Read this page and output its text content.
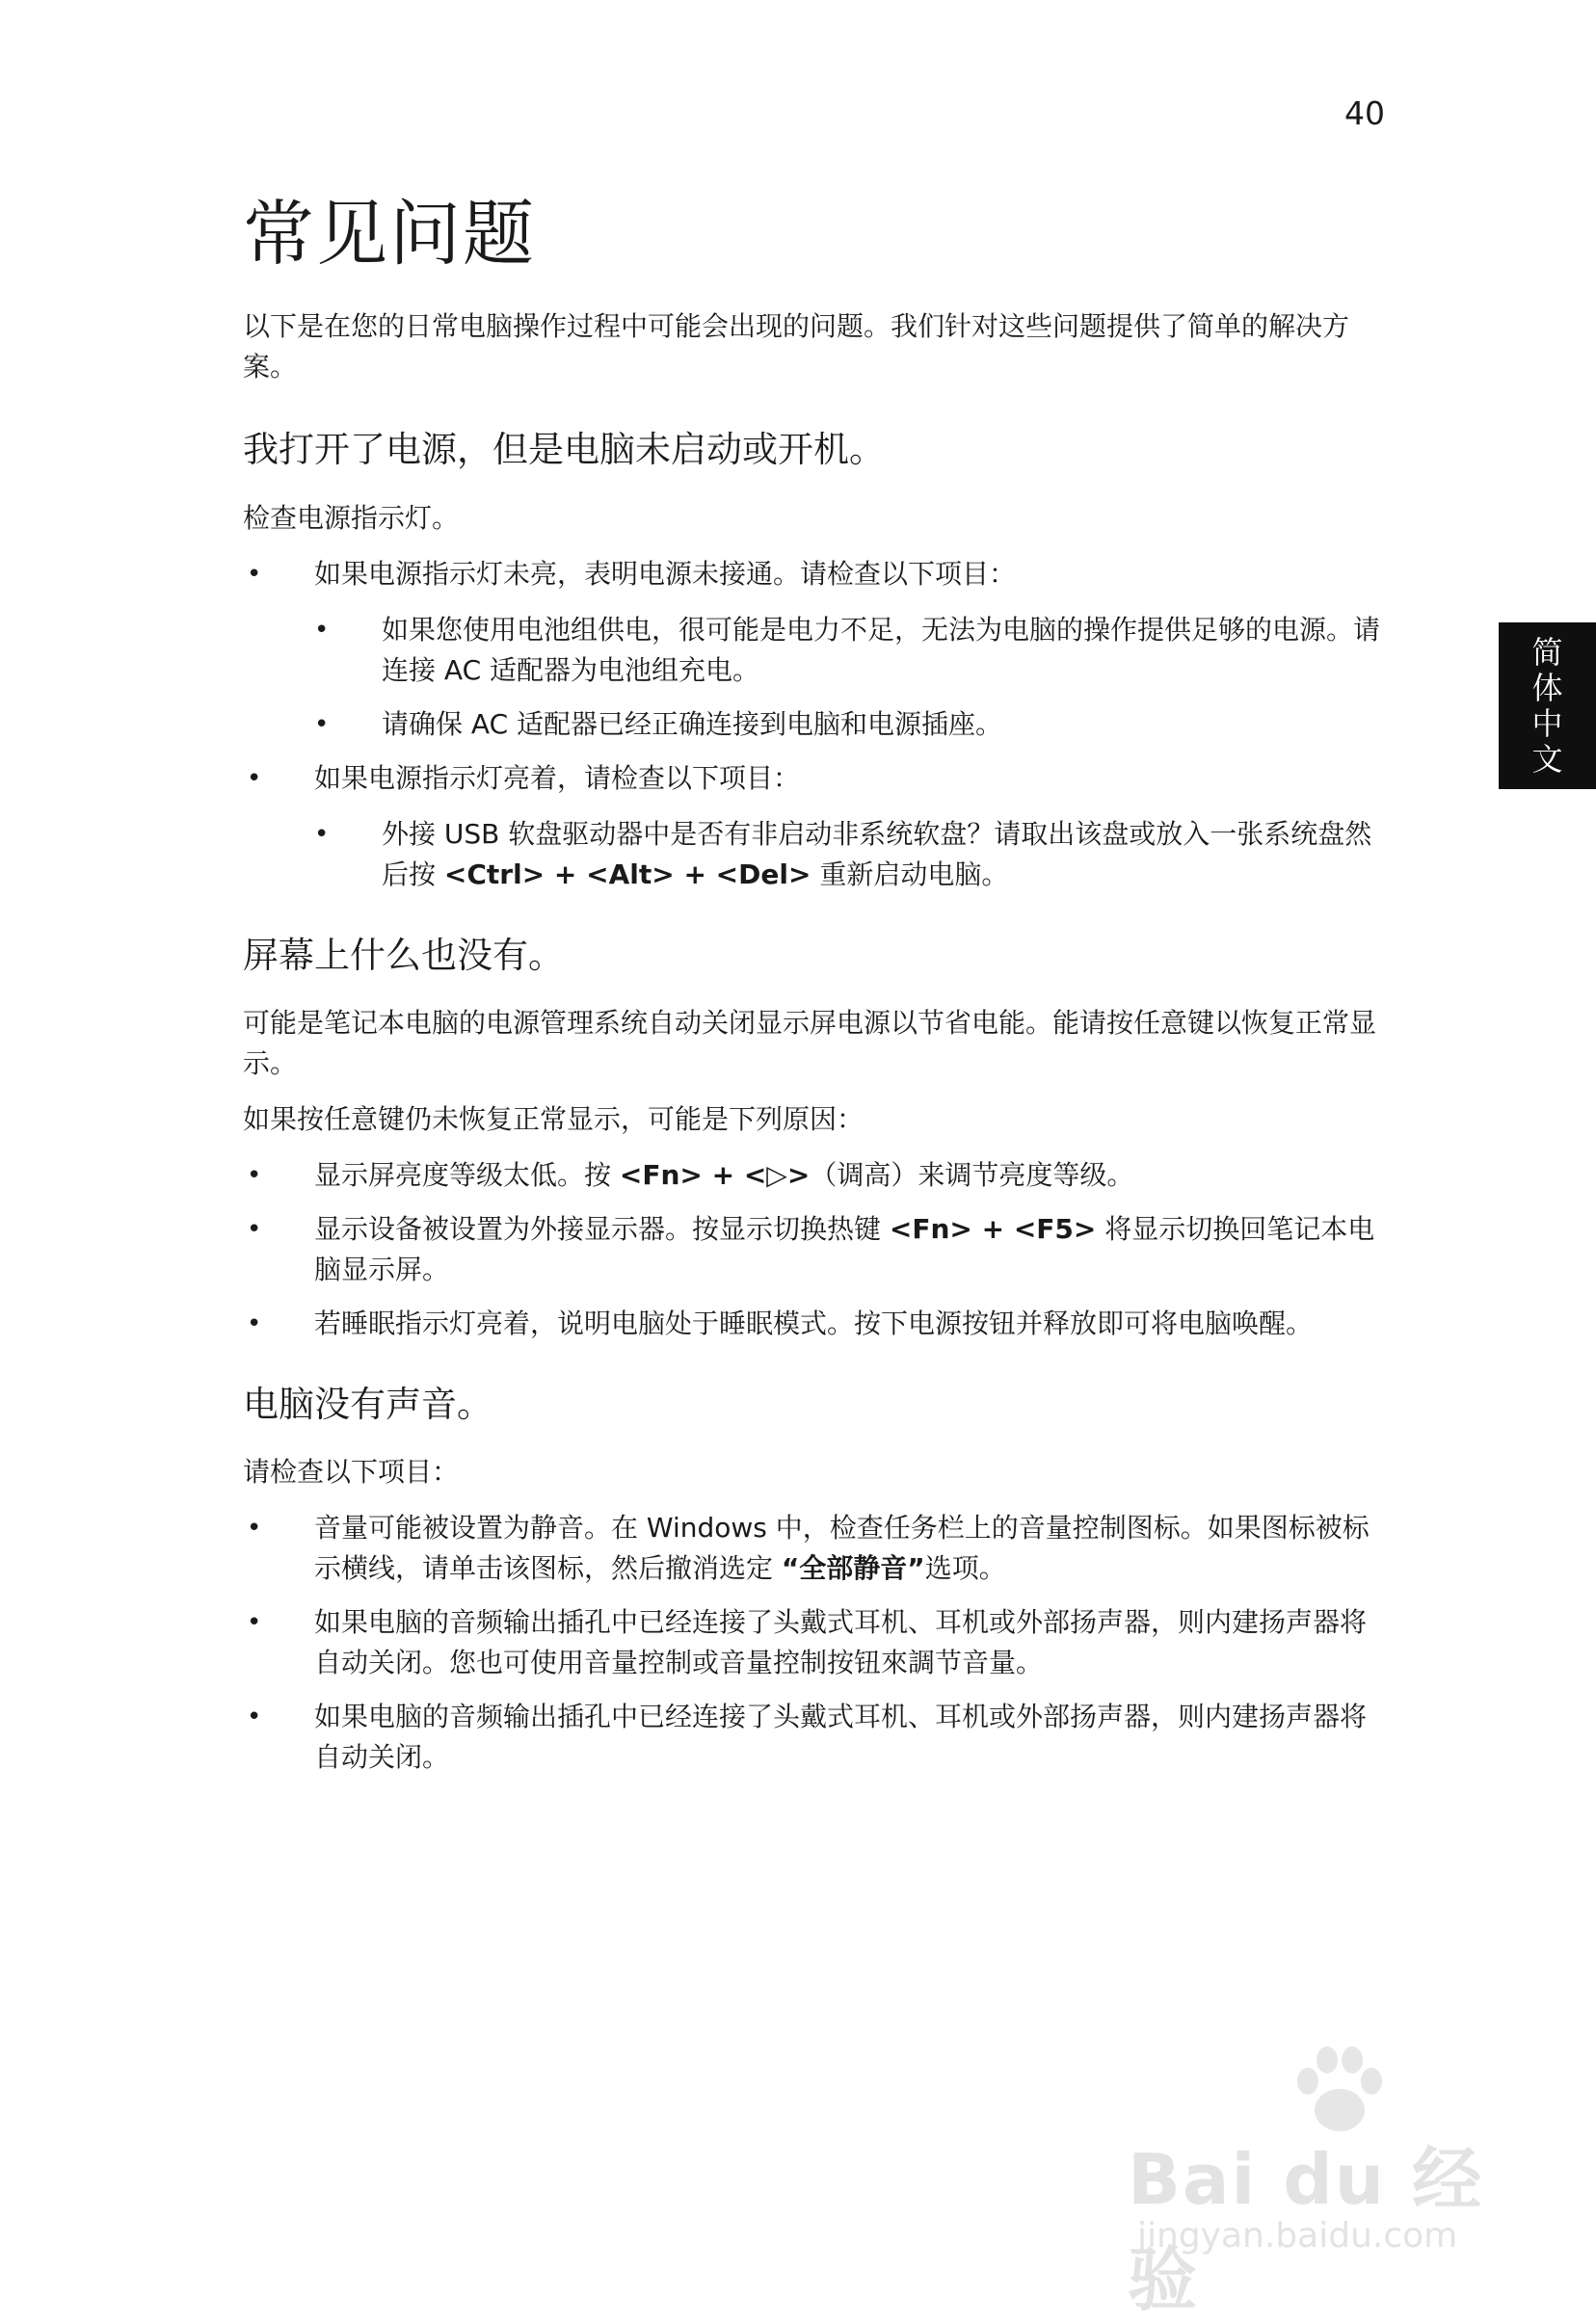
40
简
体
中
文
常见问题

以下是在您的日常电脑操作过程中可能会出现的问题。我们针对这些问题提供了简单的解决方案。

我打开了电源，但是电脑未启动或开机。

检查电源指示灯。

• 如果电源指示灯未亮，表明电源未接通。请检查以下项目：
• 如果您使用电池组供电，很可能是电力不足，无法为电脑的操作提供足够的电源。请连接 AC 适配器为电池组充电。
• 请确保 AC 适配器已经正确连接到电脑和电源插座。
• 如果电源指示灯亮着，请检查以下项目：
• 外接 USB 软盘驱动器中是否有非启动非系统软盘？请取出该盘或放入一张系统盘然后按 <Ctrl> + <Alt> + <Del> 重新启动电脑。
屏幕上什么也没有。

可能是笔记本电脑的电源管理系统自动关闭显示屏电源以节省电能。能请按任意键以恢复正常显示。

如果按任意键仍未恢复正常显示，可能是下列原因：

• 显示屏亮度等级太低。按 <Fn> + <▷>（调高）来调节亮度等级。
• 显示设备被设置为外接显示器。按显示切换热键 <Fn> + <F5> 将显示切换回笔记本电脑显示屏。
• 若睡眠指示灯亮着，说明电脑处于睡眠模式。按下电源按钮并释放即可将电脑唤醒。
电脑没有声音。

请检查以下项目：

• 音量可能被设置为静音。在 Windows 中，检查任务栏上的音量控制图标。如果图标被标示横线，请单击该图标，然后撤消选定 “全部静音”选项。
• 如果电脑的音频输出插孔中已经连接了头戴式耳机、耳机或外部扬声器，则内建扬声器将自动关闭。您也可使用音量控制或音量控制按钮來調节音量。
• 如果电脑的音频输出插孔中已经连接了头戴式耳机、耳机或外部扬声器，则内建扬声器将自动关闭。
Bai du 经验
jingyan.baidu.com
